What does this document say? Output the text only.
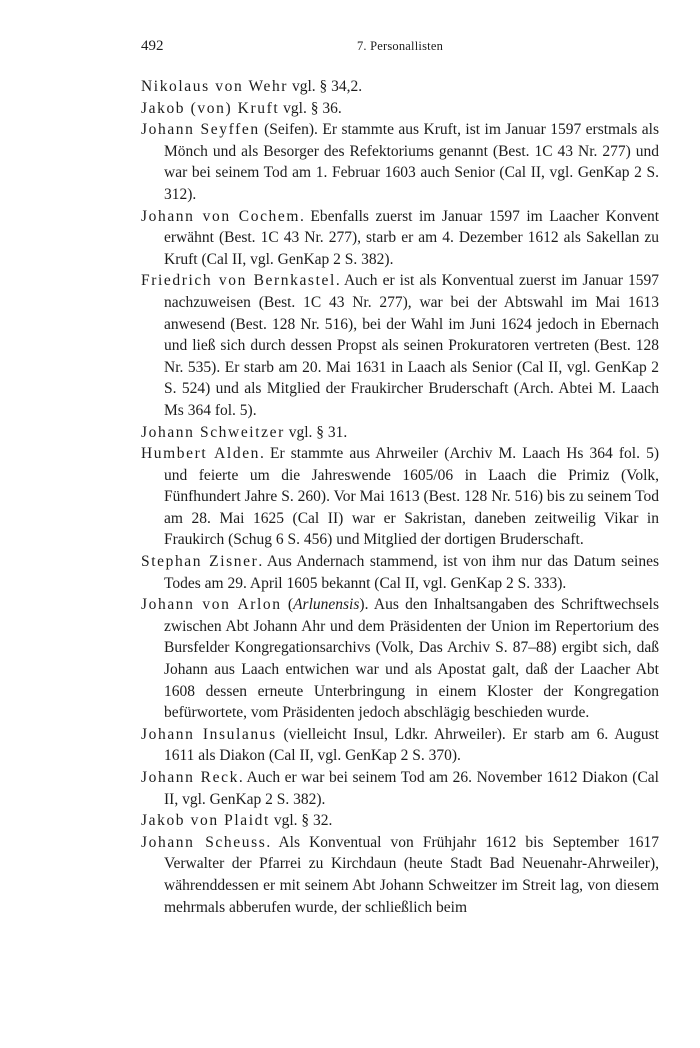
492	7. Personallisten

Nikolaus von Wehr vgl. § 34,2.

Jakob (von) Kruft vgl. § 36.

Johann Seyffen (Seifen). Er stammte aus Kruft, ist im Januar 1597 erstmals als Mönch und als Besorger des Refektoriums genannt (Best. 1C 43 Nr. 277) und war bei seinem Tod am 1. Februar 1603 auch Senior (Cal II, vgl. GenKap 2 S. 312).

Johann von Cochem. Ebenfalls zuerst im Januar 1597 im Laacher Konvent erwähnt (Best. 1C 43 Nr. 277), starb er am 4. Dezember 1612 als Sakellan zu Kruft (Cal II, vgl. GenKap 2 S. 382).

Friedrich von Bernkastel. Auch er ist als Konventual zuerst im Januar 1597 nachzuweisen (Best. 1C 43 Nr. 277), war bei der Abtswahl im Mai 1613 anwesend (Best. 128 Nr. 516), bei der Wahl im Juni 1624 jedoch in Ebernach und ließ sich durch dessen Propst als seinen Prokuratoren vertreten (Best. 128 Nr. 535). Er starb am 20. Mai 1631 in Laach als Senior (Cal II, vgl. GenKap 2 S. 524) und als Mitglied der Fraukircher Bruderschaft (Arch. Abtei M. Laach Ms 364 fol. 5).

Johann Schweitzer vgl. § 31.

Humbert Alden. Er stammte aus Ahrweiler (Archiv M. Laach Hs 364 fol. 5) und feierte um die Jahreswende 1605/06 in Laach die Primiz (Volk, Fünfhundert Jahre S. 260). Vor Mai 1613 (Best. 128 Nr. 516) bis zu seinem Tod am 28. Mai 1625 (Cal II) war er Sakristan, daneben zeitweilig Vikar in Fraukirch (Schug 6 S. 456) und Mitglied der dortigen Bruderschaft.

Stephan Zisner. Aus Andernach stammend, ist von ihm nur das Datum seines Todes am 29. April 1605 bekannt (Cal II, vgl. GenKap 2 S. 333).

Johann von Arlon (Arlunensis). Aus den Inhaltsangaben des Schriftwechsels zwischen Abt Johann Ahr und dem Präsidenten der Union im Repertorium des Bursfelder Kongregationsarchivs (Volk, Das Archiv S. 87–88) ergibt sich, daß Johann aus Laach entwichen war und als Apostat galt, daß der Laacher Abt 1608 dessen erneute Unterbringung in einem Kloster der Kongregation befürwortete, vom Präsidenten jedoch abschlägig beschieden wurde.

Johann Insulanus (vielleicht Insul, Ldkr. Ahrweiler). Er starb am 6. August 1611 als Diakon (Cal II, vgl. GenKap 2 S. 370).

Johann Reck. Auch er war bei seinem Tod am 26. November 1612 Diakon (Cal II, vgl. GenKap 2 S. 382).

Jakob von Plaidt vgl. § 32.

Johann Scheuss. Als Konventual von Frühjahr 1612 bis September 1617 Verwalter der Pfarrei zu Kirchdaun (heute Stadt Bad Neuenahr-Ahrweiler), währenddessen er mit seinem Abt Johann Schweitzer im Streit lag, von diesem mehrmals abberufen wurde, der schließlich beim
